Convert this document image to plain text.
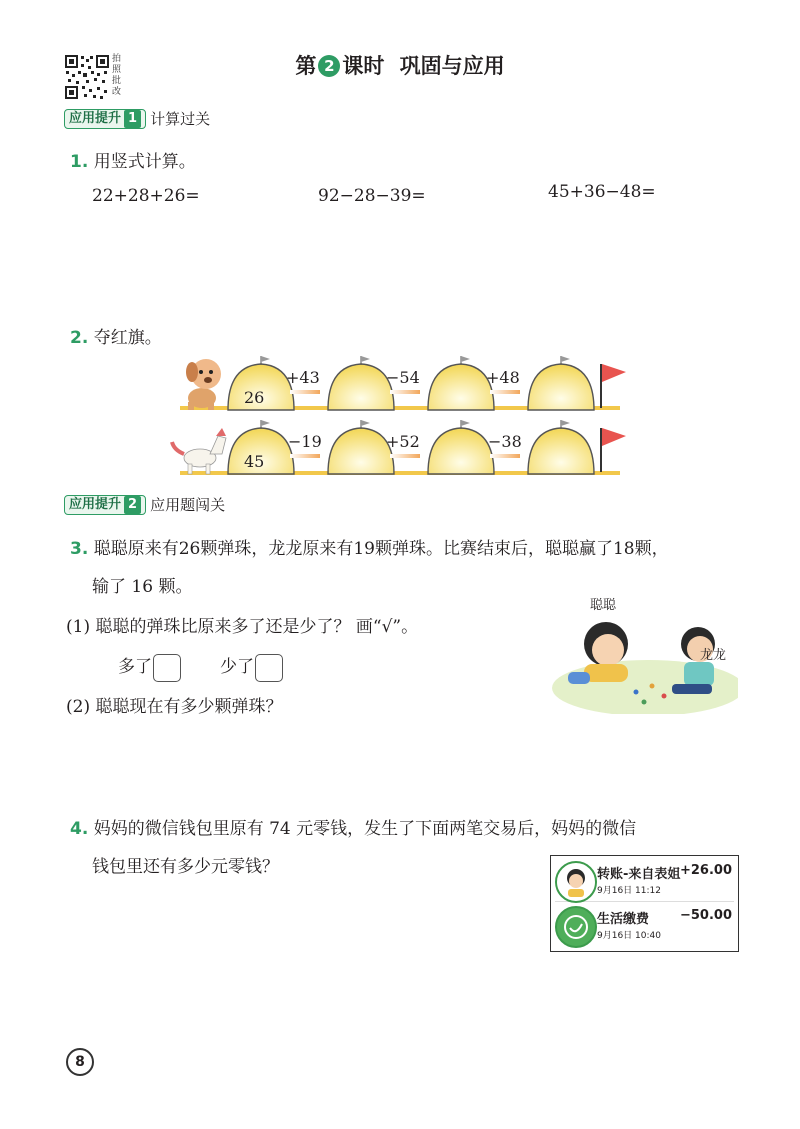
拍照批改
第 2 课时 巩固与应用
应用提升 1 计算过关
1. 用竖式计算。
22+28+26=	92−28−39=	45+36−48=
2. 夺红旗。
26
+43	−54	+48
45
−19	+52	−38
应用提升 2 应用题闯关
3. 聪聪原来有26颗弹珠，龙龙原来有19颗弹珠。比赛结束后，聪聪赢了18颗，
输了 16 颗。
(1) 聪聪的弹珠比原来多了还是少了？ 画“√”。
多了	少了
(2) 聪聪现在有多少颗弹珠？
聪聪
龙龙
4. 妈妈的微信钱包里原有 74 元零钱，发生了下面两笔交易后，妈妈的微信
钱包里还有多少元零钱？	转账-来自表姐 +26.00
9月16日 11:12
生活缴费 −50.00
9月16日 10:40
8
